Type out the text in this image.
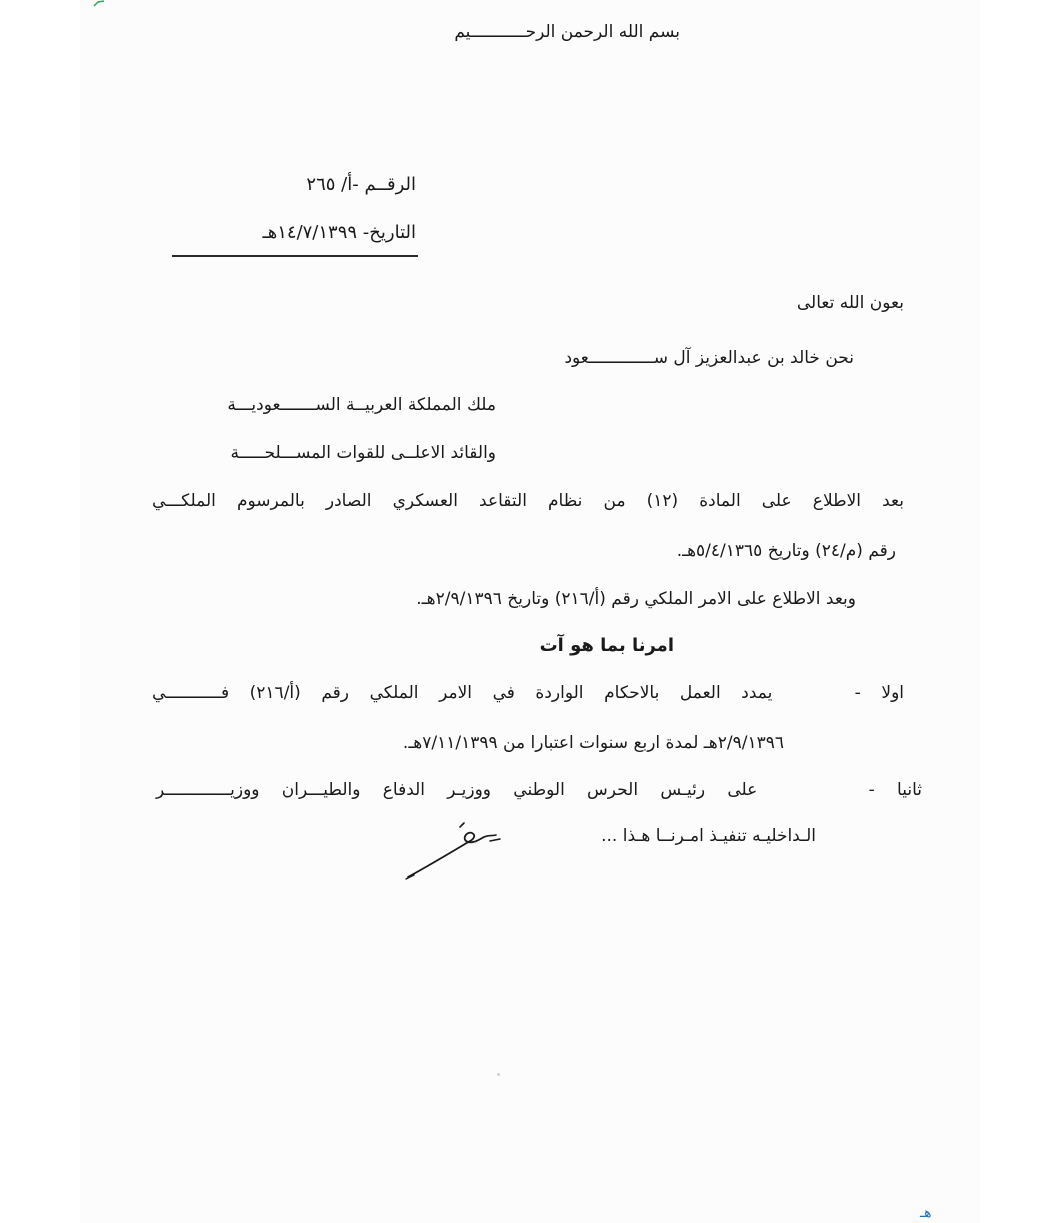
بسم الله الرحمن الرحـــــــــــيم
الرقــم -أ/ ٢٦٥
التاريخ- ١٤/٧/١٣٩٩هـ
بعون الله تعالى
نحن خالد بن عبدالعزيز آل ســـــــــــــعود
ملك المملكة العربيــة الســـــــعوديـــة
والقائد الاعلــى للقوات المســـلحـــــة
بعد الاطلاع على المادة (١٢) من نظام التقاعد العسكري الصادر بالمرسوم الملكـــي
رقم (م/٢٤) وتاريخ ٥/٤/١٣٦٥هـ.
وبعد الاطلاع على الامر الملكي رقم (أ/٢١٦) وتاريخ ٢/٩/١٣٩٦هـ.
امرنا بما هو آت
اولا -    يمدد العمل بالاحكام الواردة في الامر الملكي رقم (أ/٢١٦) فـــــــــــي
٢/٩/١٣٩٦هـ لمدة اربع سنوات اعتبارا من ٧/١١/١٣٩٩هـ.
ثانيا -     على رئيـس الحرس الوطني ووزيـر الدفاع والطيـــران ووزيـــــــــــــر
الـداخليـه تنفيـذ امـرنــا هـذا ...
هـ
